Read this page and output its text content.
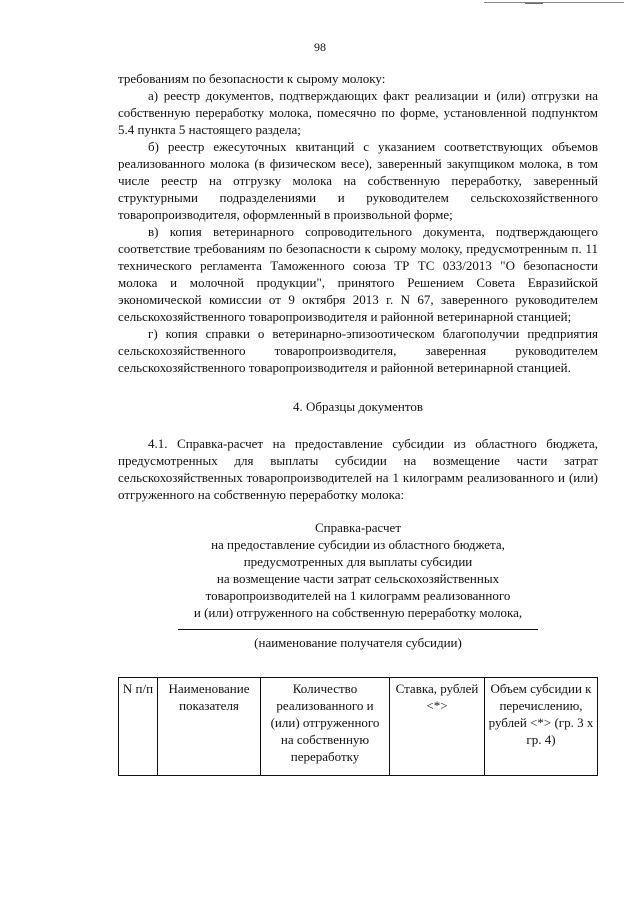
98

требованиям по безопасности к сырому молоку:

а) реестр документов, подтверждающих факт реализации и (или) отгрузки на собственную переработку молока, помесячно по форме, установленной подпунктом 5.4 пункта 5 настоящего раздела;

б) реестр ежесуточных квитанций с указанием соответствующих объемов реализованного молока (в физическом весе), заверенный закупщиком молока, в том числе реестр на отгрузку молока на собственную переработку, заверенный структурными подразделениями и руководителем сельскохозяйственного товаропроизводителя, оформленный в произвольной форме;

в) копия ветеринарного сопроводительного документа, подтверждающего соответствие требованиям по безопасности к сырому молоку, предусмотренным п. 11 технического регламента Таможенного союза ТР ТС 033/2013 "О безопасности молока и молочной продукции", принятого Решением Совета Евразийской экономической комиссии от 9 октября 2013 г. N 67, заверенного руководителем сельскохозяйственного товаропроизводителя и районной ветеринарной станцией;

г) копия справки о ветеринарно-эпизоотическом благополучии предприятия сельскохозяйственного товаропроизводителя, заверенная руководителем сельскохозяйственного товаропроизводителя и районной ветеринарной станцией.

4. Образцы документов

4.1. Справка-расчет на предоставление субсидии из областного бюджета, предусмотренных для выплаты субсидии на возмещение части затрат сельскохозяйственных товаропроизводителей на 1 килограмм реализованного и (или) отгруженного на собственную переработку молока:

Справка-расчет

на предоставление субсидии из областного бюджета,

предусмотренных для выплаты субсидии

на возмещение части затрат сельскохозяйственных

товаропроизводителей на 1 килограмм реализованного

и (или) отгруженного на собственную переработку молока,

(наименование получателя субсидии)

N п/п	Наименование показателя	Количество реализованного и (или) отгруженного на собственную переработку	Ставка, рублей <*>	Объем субсидии к перечислению, рублей <*> (гр. 3 x гр. 4)
